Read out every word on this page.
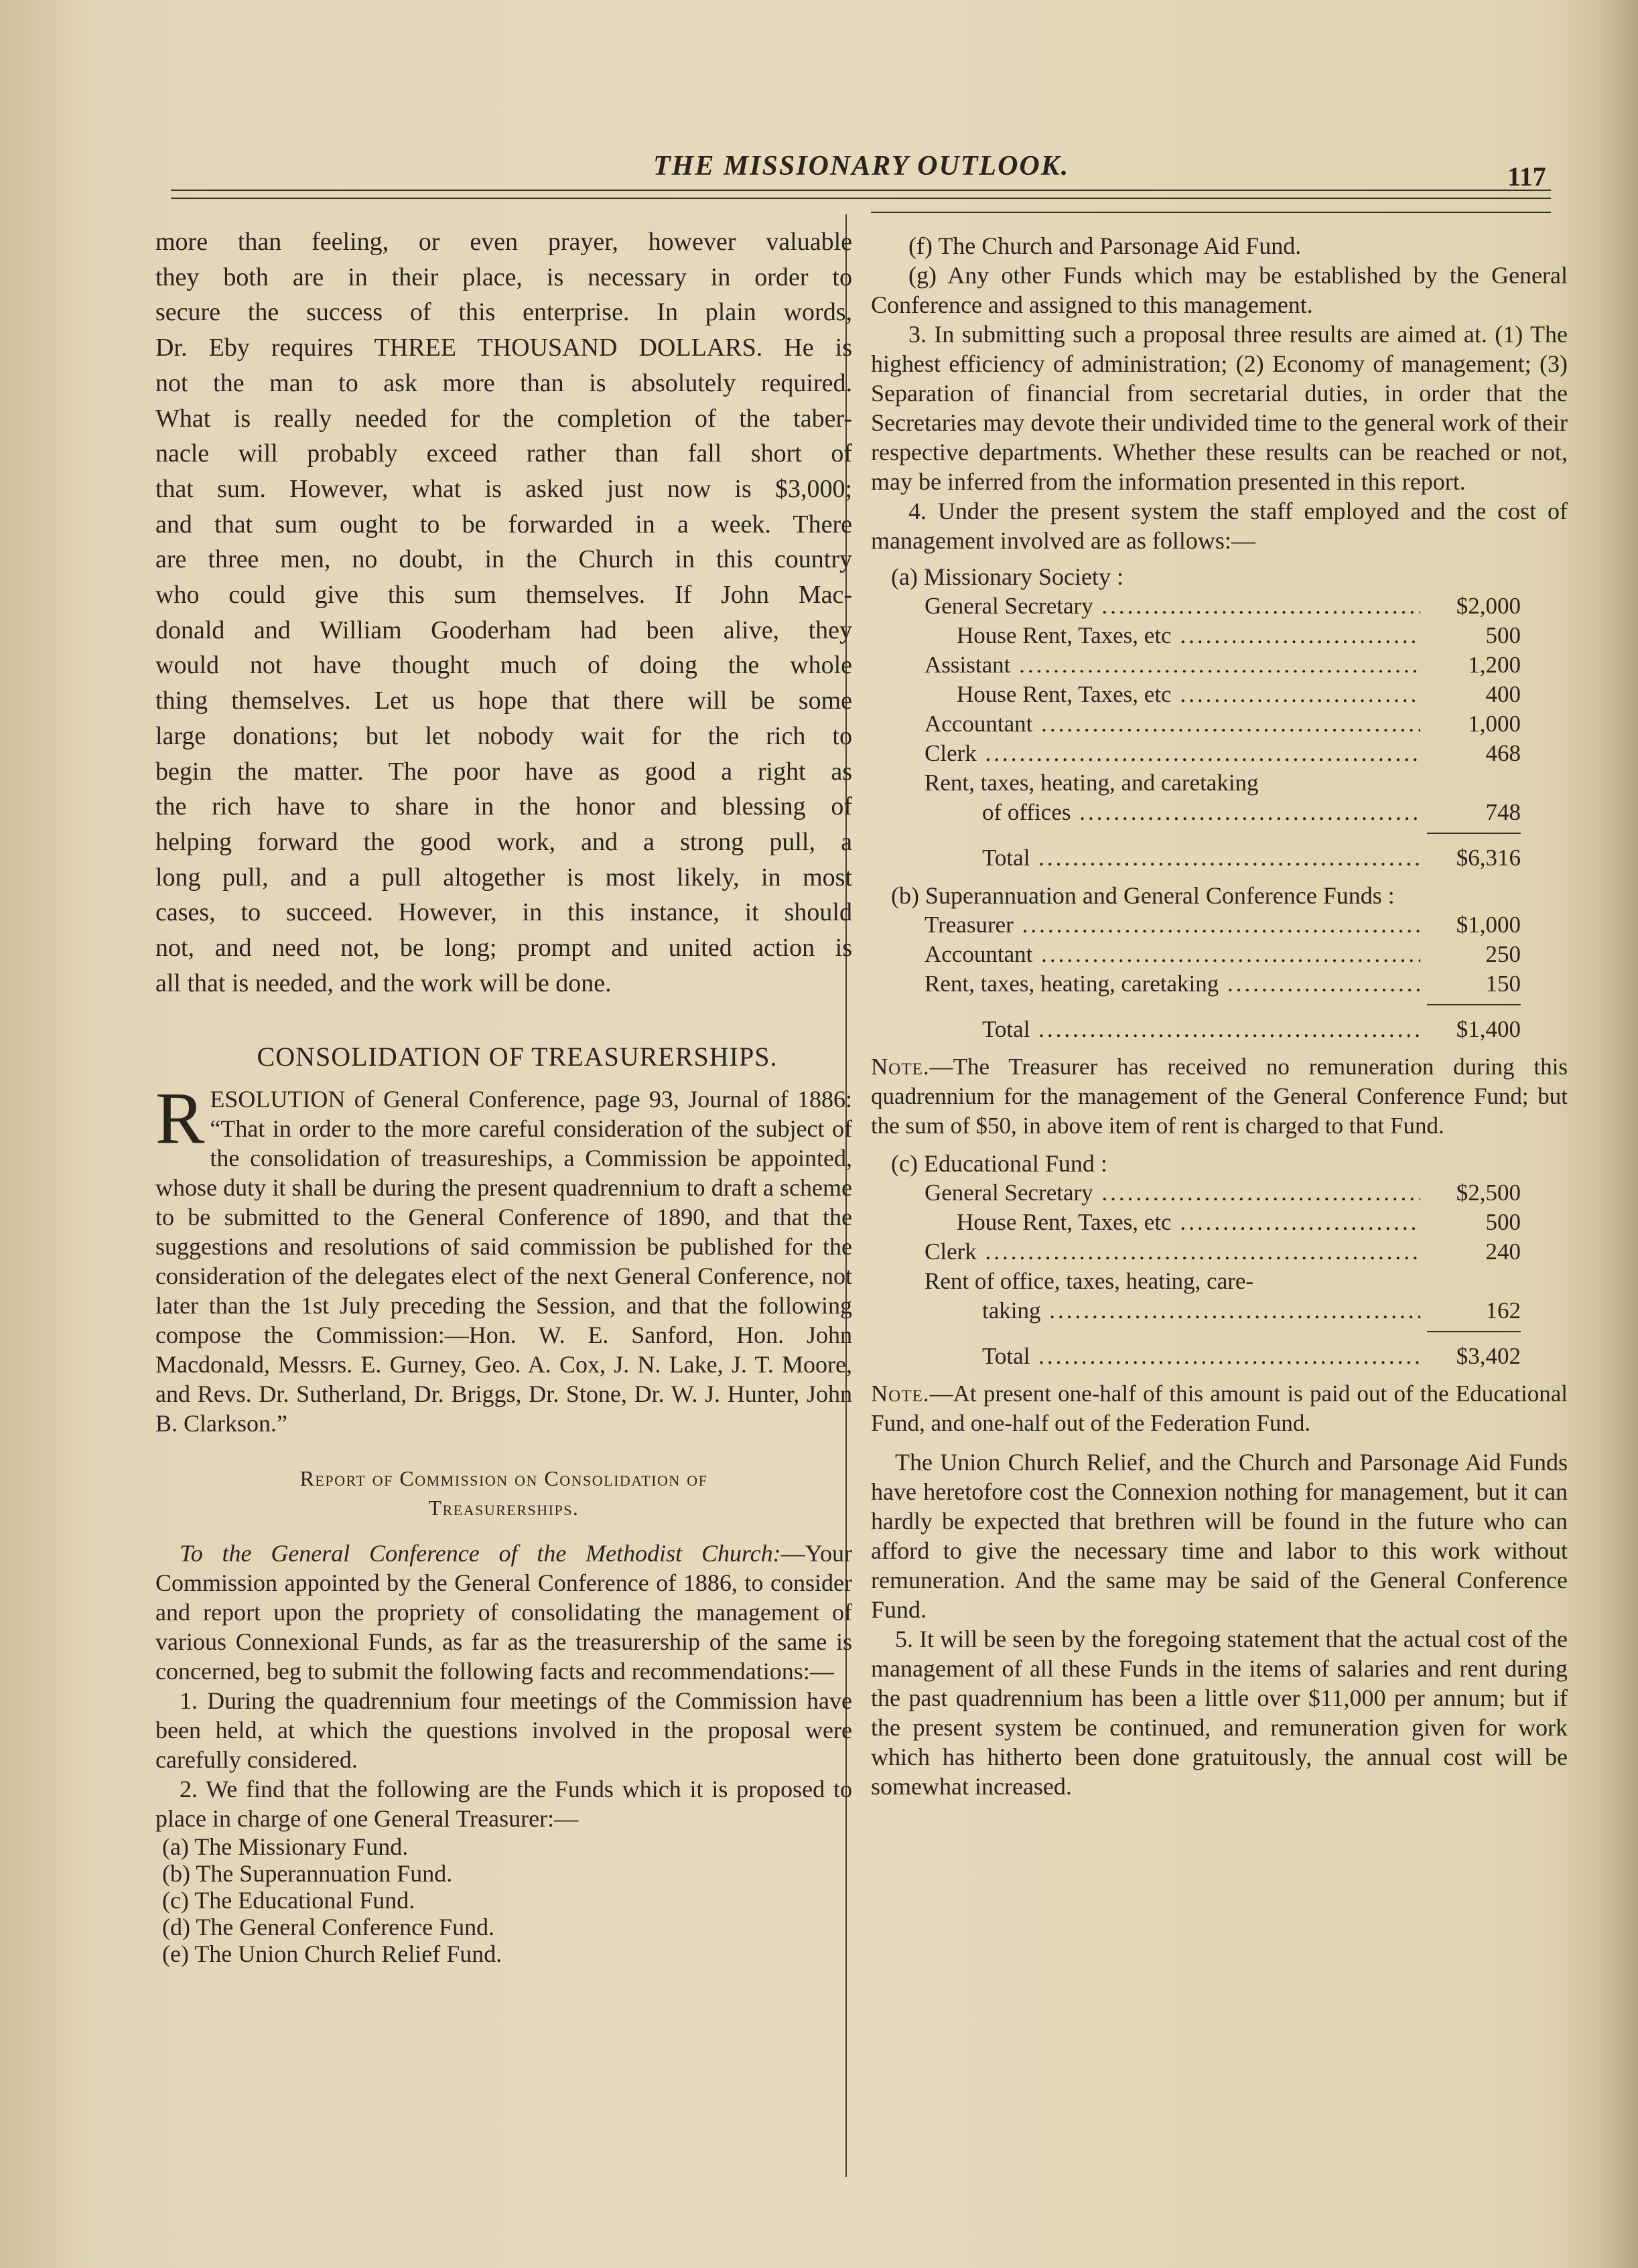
THE MISSIONARY OUTLOOK.	117
more than feeling, or even prayer, however valuable
they both are in their place, is necessary in order to
secure the success of this enterprise. In plain words,
Dr. Eby requires THREE THOUSAND DOLLARS. He is
not the man to ask more than is absolutely required.
What is really needed for the completion of the taber-
nacle will probably exceed rather than fall short of
that sum. However, what is asked just now is $3,000;
and that sum ought to be forwarded in a week. There
are three men, no doubt, in the Church in this country
who could give this sum themselves. If John Mac-
donald and William Gooderham had been alive, they
would not have thought much of doing the whole
thing themselves. Let us hope that there will be some
large donations; but let nobody wait for the rich to
begin the matter. The poor have as good a right as
the rich have to share in the honor and blessing of
helping forward the good work, and a strong pull, a
long pull, and a pull altogether is most likely, in most
cases, to succeed. However, in this instance, it should
not, and need not, be long; prompt and united action is
all that is needed, and the work will be done.

CONSOLIDATION OF TREASURERSHIPS.

RESOLUTION of General Conference, page 93, Journal of 1886: “That in order to the more careful consideration of the subject of the consolidation of treasureships, a Commission be appointed, whose duty it shall be during the present quadrennium to draft a scheme to be submitted to the General Conference of 1890, and that the suggestions and resolutions of said commission be published for the consideration of the delegates elect of the next General Conference, not later than the 1st July preceding the Session, and that the following compose the Commission:—Hon. W. E. Sanford, Hon. John Macdonald, Messrs. E. Gurney, Geo. A. Cox, J. N. Lake, J. T. Moore, and Revs. Dr. Sutherland, Dr. Briggs, Dr. Stone, Dr. W. J. Hunter, John B. Clarkson.”

Report of Commission on Consolidation of

Treasurerships.

To the General Conference of the Methodist Church:—Your Commission appointed by the General Conference of 1886, to consider and report upon the propriety of consolidating the management of various Connexional Funds, as far as the treasurership of the same is concerned, beg to submit the following facts and recommendations:—

1. During the quadrennium four meetings of the Commission have been held, at which the questions involved in the proposal were carefully considered.

2. We find that the following are the Funds which it is proposed to place in charge of one General Treasurer:—

(a) The Missionary Fund.
(b) The Superannuation Fund.
(c) The Educational Fund.
(d) The General Conference Fund.
(e) The Union Church Relief Fund.

(f) The Church and Parsonage Aid Fund.

(g) Any other Funds which may be established by the General Conference and assigned to this management.

3. In submitting such a proposal three results are aimed at. (1) The highest efficiency of administration; (2) Economy of management; (3) Separation of financial from secretarial duties, in order that the Secretaries may devote their undivided time to the general work of their respective departments. Whether these results can be reached or not, may be inferred from the information presented in this report.

4. Under the present system the staff employed and the cost of management involved are as follows:—

(a) Missionary Society :

General Secretary .....	$2,000
House Rent, Taxes, etc .....	500
Assistant .....	1,200
House Rent, Taxes, etc .....	400
Accountant .....	1,000
Clerk .....	468
Rent, taxes, heating, and caretaking
of offices .....	748
Total .....	$6,316

(b) Superannuation and General Conference Funds :

Treasurer .....	$1,000
Accountant .....	250
Rent, taxes, heating, caretaking .....	150
Total .....	$1,400

Note.—The Treasurer has received no remuneration during this quadrennium for the management of the General Conference Fund; but the sum of $50, in above item of rent is charged to that Fund.

(c) Educational Fund :

General Secretary .....	$2,500
House Rent, Taxes, etc .....	500
Clerk .....	240
Rent of office, taxes, heating, care-
taking .....	162
Total .....	$3,402

Note.—At present one-half of this amount is paid out of the Educational Fund, and one-half out of the Federation Fund.

The Union Church Relief, and the Church and Parsonage Aid Funds have heretofore cost the Connexion nothing for management, but it can hardly be expected that brethren will be found in the future who can afford to give the necessary time and labor to this work without remuneration. And the same may be said of the General Conference Fund.

5. It will be seen by the foregoing statement that the actual cost of the management of all these Funds in the items of salaries and rent during the past quadrennium has been a little over $11,000 per annum; but if the present system be continued, and remuneration given for work which has hitherto been done gratuitously, the annual cost will be somewhat increased.
